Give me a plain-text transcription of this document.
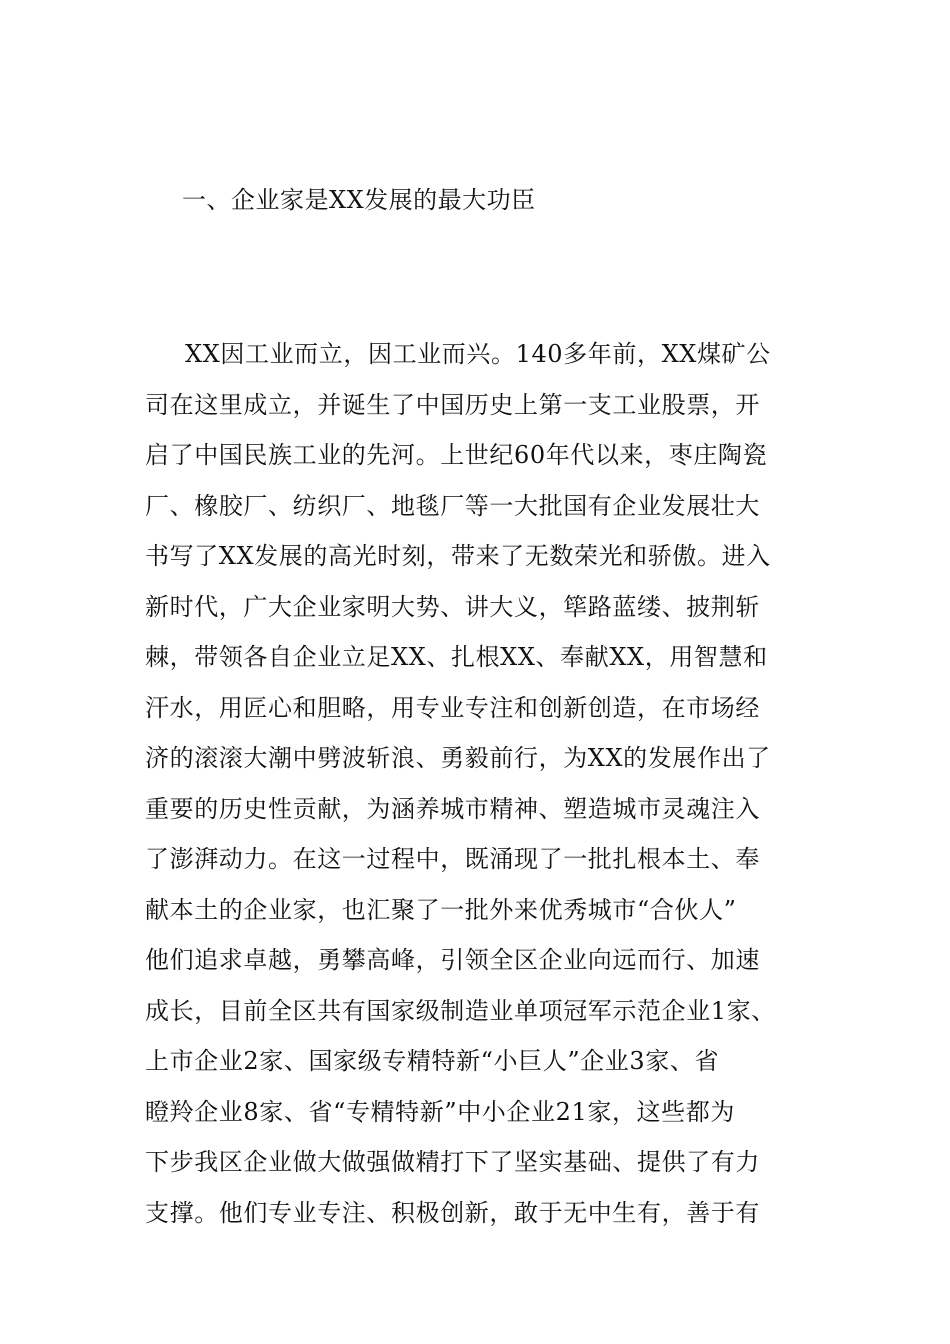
一、企业家是XX发展的最大功臣
XX因工业而立，因工业而兴。140多年前，XX煤矿公
司在这里成立，并诞生了中国历史上第一支工业股票，开
启了中国民族工业的先河。上世纪60年代以来，枣庄陶瓷
厂、橡胶厂、纺织厂、地毯厂等一大批国有企业发展壮大
书写了XX发展的高光时刻，带来了无数荣光和骄傲。进入
新时代，广大企业家明大势、讲大义，筚路蓝缕、披荆斩
棘，带领各自企业立足XX、扎根XX、奉献XX，用智慧和
汗水，用匠心和胆略，用专业专注和创新创造，在市场经
济的滚滚大潮中劈波斩浪、勇毅前行，为XX的发展作出了
重要的历史性贡献，为涵养城市精神、塑造城市灵魂注入
了澎湃动力。在这一过程中，既涌现了一批扎根本土、奉
献本土的企业家，也汇聚了一批外来优秀城市“合伙人”
他们追求卓越，勇攀高峰，引领全区企业向远而行、加速
成长，目前全区共有国家级制造业单项冠军示范企业1家、
上市企业2家、国家级专精特新“小巨人”企业3家、省
瞪羚企业8家、省“专精特新”中小企业21家，这些都为
下步我区企业做大做强做精打下了坚实基础、提供了有力
支撑。他们专业专注、积极创新，敢于无中生有，善于有
